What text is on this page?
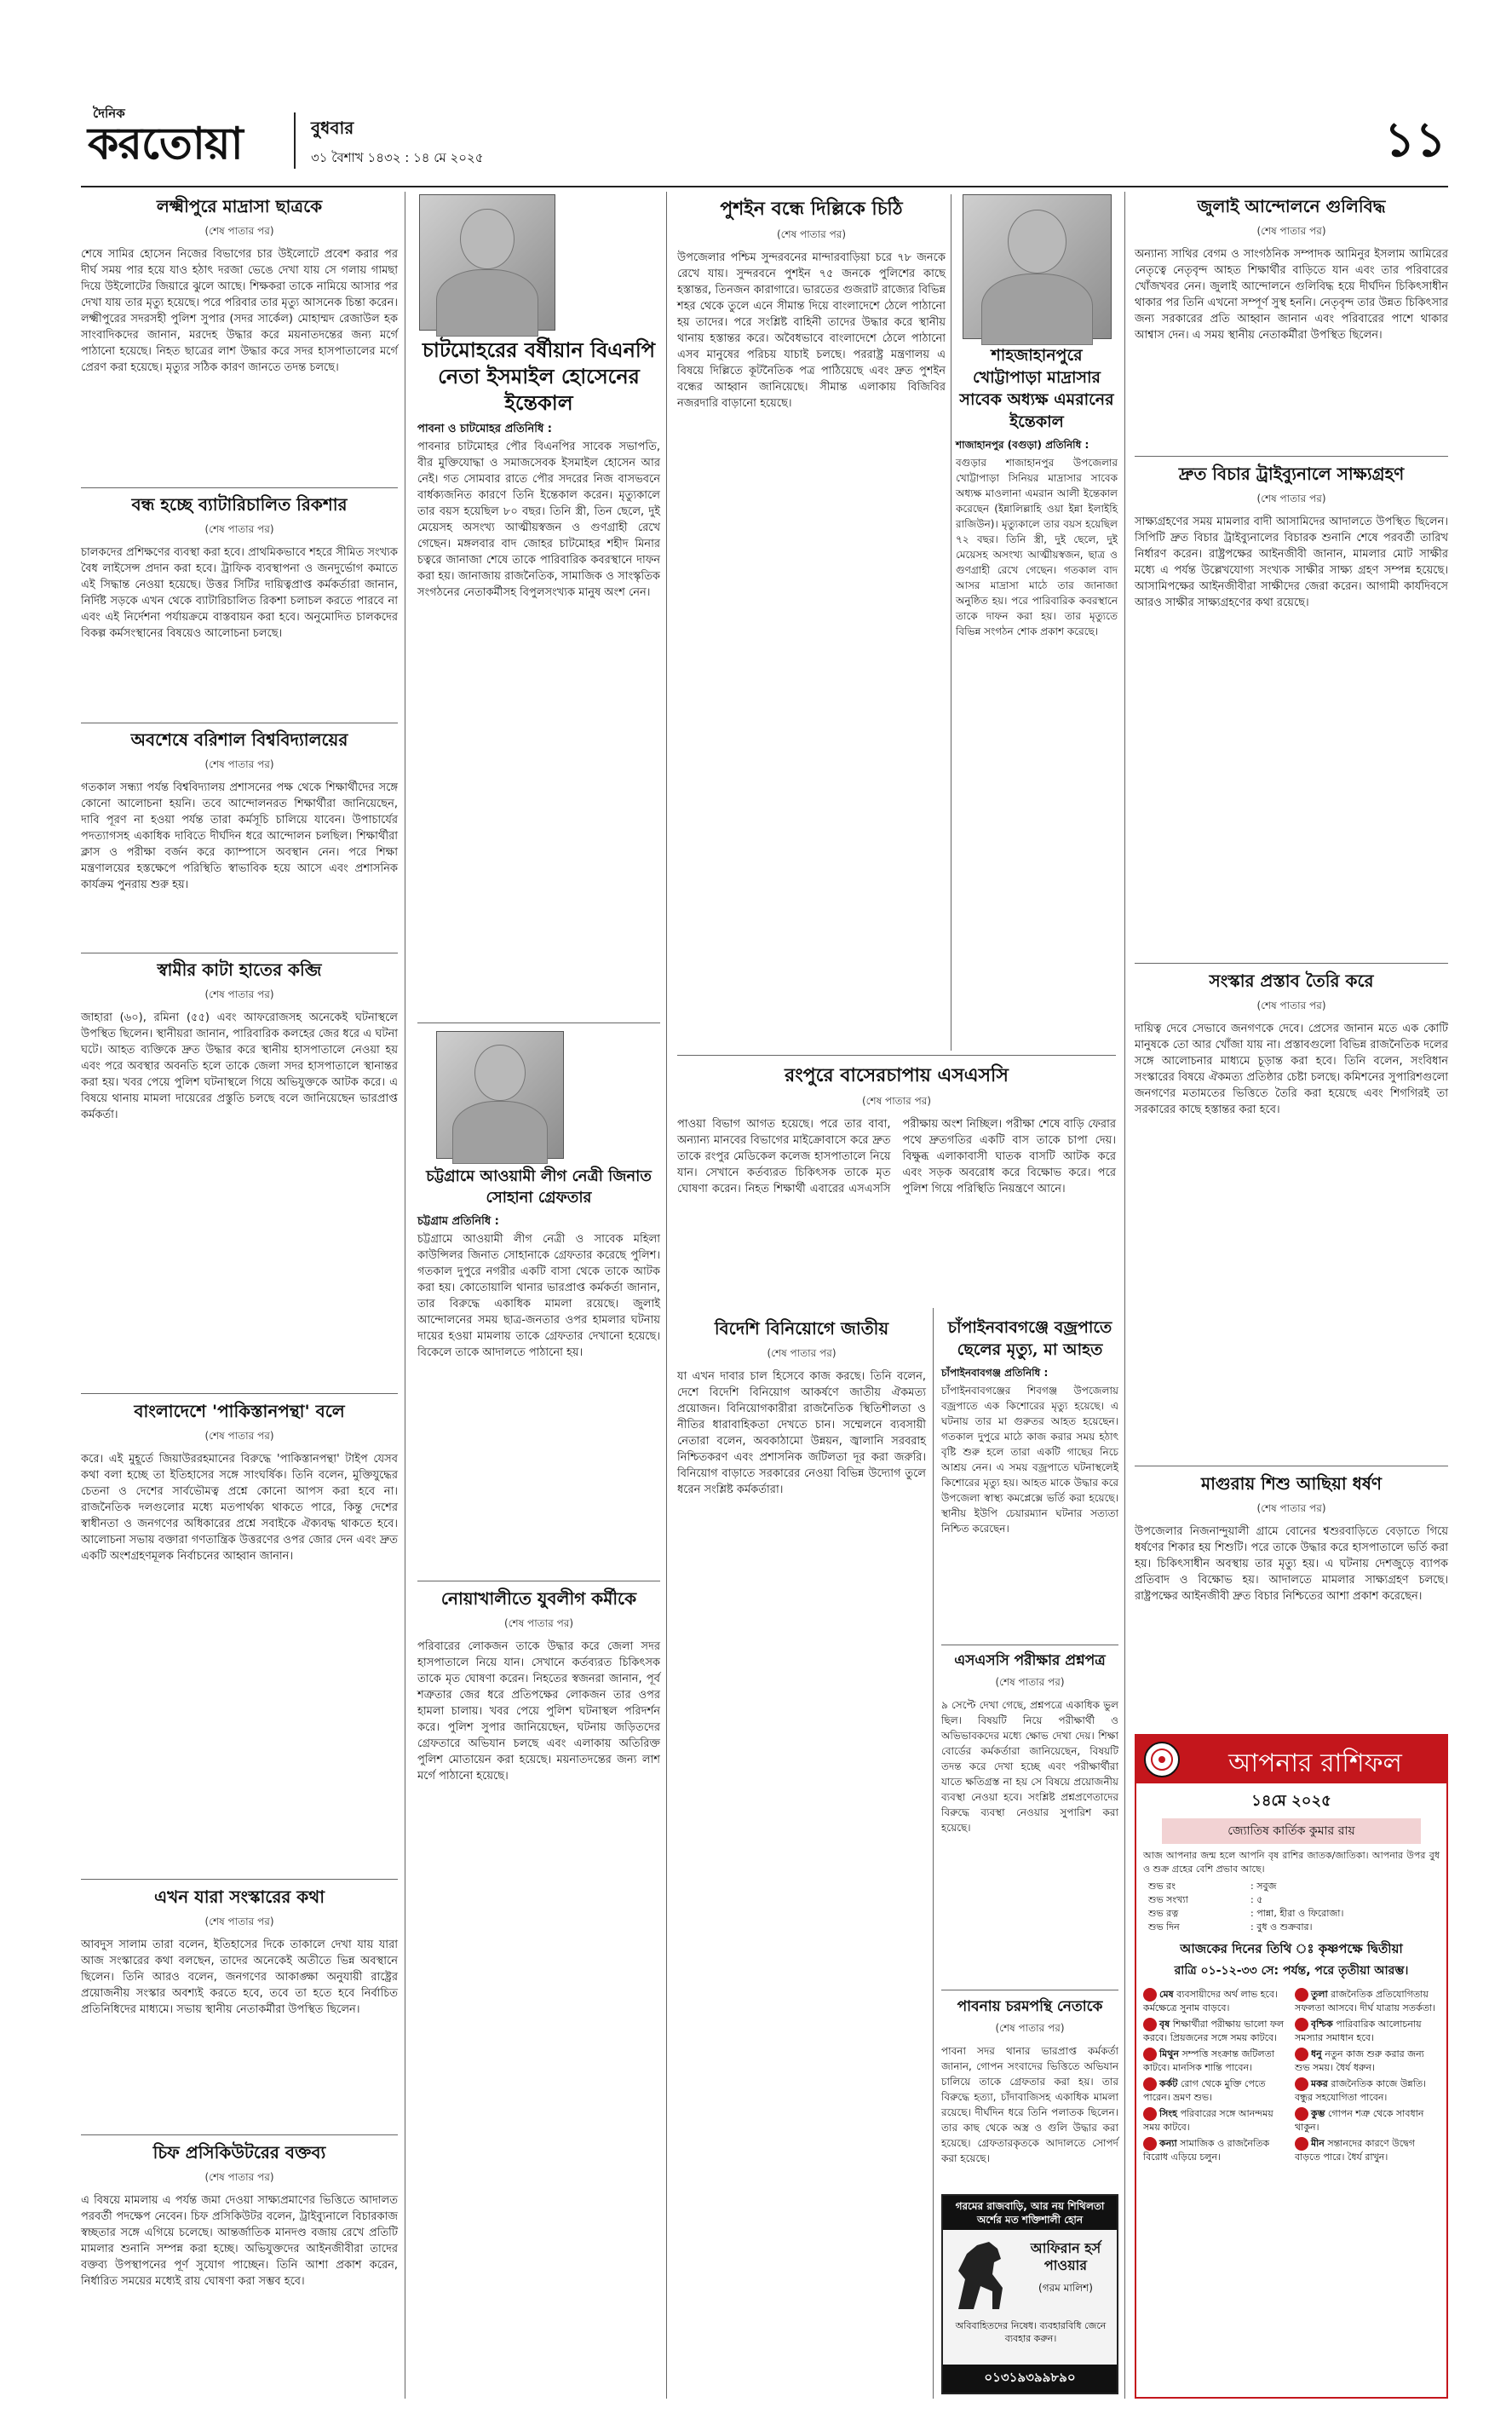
দৈনিক
করতোয়া	বুধবার
৩১ বৈশাখ ১৪৩২ : ১৪ মে ২০২৫	১১
লক্ষ্মীপুরে মাদ্রাসা ছাত্রকে
(শেষ পাতার পর)
শেষে সামির হোসেন নিজের বিভাগের চার উইলোটে প্রবেশ করার পর দীর্ঘ সময় পার হয়ে যাও হঠাৎ দরজা ভেঙে দেখা যায় সে গলায় গামছা দিয়ে উইলোটের জিয়ারে ঝুলে আছে। শিক্ষকরা তাকে নামিয়ে আসার পর দেখা যায় তার মৃত্যু হয়েছে। পরে পরিবার তার মৃত্যু আসনেক চিন্তা করেন। লক্ষ্মীপুরের সদরসহী পুলিশ সুপার (সদর সার্কেল) মোহাম্মদ রেজাউল হক সাংবাদিকদের জানান, মরদেহ উদ্ধার করে ময়নাতদন্তের জন্য মর্গে পাঠানো হয়েছে। নিহত ছাত্রের লাশ উদ্ধার করে সদর হাসপাতালের মর্গে প্রেরণ করা হয়েছে। মৃত্যুর সঠিক কারণ জানতে তদন্ত চলছে।
বন্ধ হচ্ছে ব্যাটারিচালিত রিকশার
(শেষ পাতার পর)
চালকদের প্রশিক্ষণের ব্যবস্থা করা হবে। প্রাথমিকভাবে শহরে সীমিত সংখ্যক বৈধ লাইসেন্স প্রদান করা হবে। ট্রাফিক ব্যবস্থাপনা ও জনদুর্ভোগ কমাতে এই সিদ্ধান্ত নেওয়া হয়েছে। উত্তর সিটির দায়িত্বপ্রাপ্ত কর্মকর্তারা জানান, নির্দিষ্ট সড়কে এখন থেকে ব্যাটারিচালিত রিকশা চলাচল করতে পারবে না এবং এই নির্দেশনা পর্যায়ক্রমে বাস্তবায়ন করা হবে। অনুমোদিত চালকদের বিকল্প কর্মসংস্থানের বিষয়েও আলোচনা চলছে।
অবশেষে বরিশাল বিশ্ববিদ্যালয়ের
(শেষ পাতার পর)
গতকাল সন্ধ্যা পর্যন্ত বিশ্ববিদ্যালয় প্রশাসনের পক্ষ থেকে শিক্ষার্থীদের সঙ্গে কোনো আলোচনা হয়নি। তবে আন্দোলনরত শিক্ষার্থীরা জানিয়েছেন, দাবি পূরণ না হওয়া পর্যন্ত তারা কর্মসূচি চালিয়ে যাবেন। উপাচার্যের পদত্যাগসহ একাধিক দাবিতে দীর্ঘদিন ধরে আন্দোলন চলছিল। শিক্ষার্থীরা ক্লাস ও পরীক্ষা বর্জন করে ক্যাম্পাসে অবস্থান নেন। পরে শিক্ষা মন্ত্রণালয়ের হস্তক্ষেপে পরিস্থিতি স্বাভাবিক হয়ে আসে এবং প্রশাসনিক কার্যক্রম পুনরায় শুরু হয়।
স্বামীর কাটা হাতের কব্জি
(শেষ পাতার পর)
জাহারা (৬০), রমিনা (৫৫) এবং আফরোজসহ অনেকেই ঘটনাস্থলে উপস্থিত ছিলেন। স্থানীয়রা জানান, পারিবারিক কলহের জের ধরে এ ঘটনা ঘটে। আহত ব্যক্তিকে দ্রুত উদ্ধার করে স্থানীয় হাসপাতালে নেওয়া হয় এবং পরে অবস্থার অবনতি হলে তাকে জেলা সদর হাসপাতালে স্থানান্তর করা হয়। খবর পেয়ে পুলিশ ঘটনাস্থলে গিয়ে অভিযুক্তকে আটক করে। এ বিষয়ে থানায় মামলা দায়েরের প্রস্তুতি চলছে বলে জানিয়েছেন ভারপ্রাপ্ত কর্মকর্তা।
বাংলাদেশে 'পাকিস্তানপন্থা' বলে
(শেষ পাতার পর)
করে। এই মুহূর্তে জিয়াউররহমানের বিরুদ্ধে 'পাকিস্তানপন্থা' টাইপ যেসব কথা বলা হচ্ছে তা ইতিহাসের সঙ্গে সাংঘর্ষিক। তিনি বলেন, মুক্তিযুদ্ধের চেতনা ও দেশের সার্বভৌমত্ব প্রশ্নে কোনো আপস করা হবে না। রাজনৈতিক দলগুলোর মধ্যে মতপার্থক্য থাকতে পারে, কিন্তু দেশের স্বাধীনতা ও জনগণের অধিকারের প্রশ্নে সবাইকে ঐক্যবদ্ধ থাকতে হবে। আলোচনা সভায় বক্তারা গণতান্ত্রিক উত্তরণের ওপর জোর দেন এবং দ্রুত একটি অংশগ্রহণমূলক নির্বাচনের আহ্বান জানান।
এখন যারা সংস্কারের কথা
(শেষ পাতার পর)
আবদুস সালাম তারা বলেন, ইতিহাসের দিকে তাকালে দেখা যায় যারা আজ সংস্কারের কথা বলছেন, তাদের অনেকেই অতীতে ভিন্ন অবস্থানে ছিলেন। তিনি আরও বলেন, জনগণের আকাঙ্ক্ষা অনুযায়ী রাষ্ট্রের প্রয়োজনীয় সংস্কার অবশ্যই করতে হবে, তবে তা হতে হবে নির্বাচিত প্রতিনিধিদের মাধ্যমে। সভায় স্থানীয় নেতাকর্মীরা উপস্থিত ছিলেন।
চিফ প্রসিকিউটরের বক্তব্য
(শেষ পাতার পর)
এ বিষয়ে মামলায় এ পর্যন্ত জমা দেওয়া সাক্ষ্যপ্রমাণের ভিত্তিতে আদালত পরবর্তী পদক্ষেপ নেবেন। চিফ প্রসিকিউটর বলেন, ট্রাইব্যুনালে বিচারকাজ স্বচ্ছতার সঙ্গে এগিয়ে চলেছে। আন্তর্জাতিক মানদণ্ড বজায় রেখে প্রতিটি মামলার শুনানি সম্পন্ন করা হচ্ছে। অভিযুক্তদের আইনজীবীরা তাদের বক্তব্য উপস্থাপনের পূর্ণ সুযোগ পাচ্ছেন। তিনি আশা প্রকাশ করেন, নির্ধারিত সময়ের মধ্যেই রায় ঘোষণা করা সম্ভব হবে।
চাটমোহরের বর্ষীয়ান বিএনপি নেতা ইসমাইল হোসেনের ইন্তেকাল
পাবনা ও চাটমোহর প্রতিনিধি :
পাবনার চাটমোহর পৌর বিএনপির সাবেক সভাপতি, বীর মুক্তিযোদ্ধা ও সমাজসেবক ইসমাইল হোসেন আর নেই। গত সোমবার রাতে পৌর সদরের নিজ বাসভবনে বার্ধক্যজনিত কারণে তিনি ইন্তেকাল করেন। মৃত্যুকালে তার বয়স হয়েছিল ৮০ বছর। তিনি স্ত্রী, তিন ছেলে, দুই মেয়েসহ অসংখ্য আত্মীয়স্বজন ও গুণগ্রাহী রেখে গেছেন। মঙ্গলবার বাদ জোহর চাটমোহর শহীদ মিনার চত্বরে জানাজা শেষে তাকে পারিবারিক কবরস্থানে দাফন করা হয়। জানাজায় রাজনৈতিক, সামাজিক ও সাংস্কৃতিক সংগঠনের নেতাকর্মীসহ বিপুলসংখ্যক মানুষ অংশ নেন।
চট্টগ্রামে আওয়ামী লীগ নেত্রী জিনাত সোহানা গ্রেফতার
চট্টগ্রাম প্রতিনিধি :
চট্টগ্রামে আওয়ামী লীগ নেত্রী ও সাবেক মহিলা কাউন্সিলর জিনাত সোহানাকে গ্রেফতার করেছে পুলিশ। গতকাল দুপুরে নগরীর একটি বাসা থেকে তাকে আটক করা হয়। কোতোয়ালি থানার ভারপ্রাপ্ত কর্মকর্তা জানান, তার বিরুদ্ধে একাধিক মামলা রয়েছে। জুলাই আন্দোলনের সময় ছাত্র-জনতার ওপর হামলার ঘটনায় দায়ের হওয়া মামলায় তাকে গ্রেফতার দেখানো হয়েছে। বিকেলে তাকে আদালতে পাঠানো হয়।
নোয়াখালীতে যুবলীগ কর্মীকে
(শেষ পাতার পর)
পরিবারের লোকজন তাকে উদ্ধার করে জেলা সদর হাসপাতালে নিয়ে যান। সেখানে কর্তব্যরত চিকিৎসক তাকে মৃত ঘোষণা করেন। নিহতের স্বজনরা জানান, পূর্ব শত্রুতার জের ধরে প্রতিপক্ষের লোকজন তার ওপর হামলা চালায়। খবর পেয়ে পুলিশ ঘটনাস্থল পরিদর্শন করে। পুলিশ সুপার জানিয়েছেন, ঘটনায় জড়িতদের গ্রেফতারে অভিযান চলছে এবং এলাকায় অতিরিক্ত পুলিশ মোতায়েন করা হয়েছে। ময়নাতদন্তের জন্য লাশ মর্গে পাঠানো হয়েছে।
পুশইন বন্ধে দিল্লিকে চিঠি
(শেষ পাতার পর)
উপজেলার পশ্চিম সুন্দরবনের মান্দারবাড়িয়া চরে ৭৮ জনকে রেখে যায়। সুন্দরবনে পুশইন ৭৫ জনকে পুলিশের কাছে হস্তান্তর, তিনজন কারাগারে। ভারতের গুজরাট রাজ্যের বিভিন্ন শহর থেকে তুলে এনে সীমান্ত দিয়ে বাংলাদেশে ঠেলে পাঠানো হয় তাদের। পরে সংশ্লিষ্ট বাহিনী তাদের উদ্ধার করে স্থানীয় থানায় হস্তান্তর করে। অবৈধভাবে বাংলাদেশে ঠেলে পাঠানো এসব মানুষের পরিচয় যাচাই চলছে। পররাষ্ট্র মন্ত্রণালয় এ বিষয়ে দিল্লিতে কূটনৈতিক পত্র পাঠিয়েছে এবং দ্রুত পুশইন বন্ধের আহ্বান জানিয়েছে। সীমান্ত এলাকায় বিজিবির নজরদারি বাড়ানো হয়েছে।
রংপুরে বাসেরচাপায় এসএসসি
(শেষ পাতার পর)
পাওয়া বিভাগ আগত হয়েছে। পরে তার বাবা, অন্যান্য মানবের বিভাগের মাইক্রোবাসে করে দ্রুত তাকে রংপুর মেডিকেল কলেজ হাসপাতালে নিয়ে যান। সেখানে কর্তব্যরত চিকিৎসক তাকে মৃত ঘোষণা করেন। নিহত শিক্ষার্থী এবারের এসএসসি পরীক্ষায় অংশ নিচ্ছিল। পরীক্ষা শেষে বাড়ি ফেরার পথে দ্রুতগতির একটি বাস তাকে চাপা দেয়। বিক্ষুব্ধ এলাকাবাসী ঘাতক বাসটি আটক করে এবং সড়ক অবরোধ করে বিক্ষোভ করে। পরে পুলিশ গিয়ে পরিস্থিতি নিয়ন্ত্রণে আনে।
শাহজাহানপুরে খোট্টাপাড়া মাদ্রাসার সাবেক অধ্যক্ষ এমরানের ইন্তেকাল
শাজাহানপুর (বগুড়া) প্রতিনিধি :
বগুড়ার শাজাহানপুর উপজেলার খোট্টাপাড়া সিনিয়র মাদ্রাসার সাবেক অধ্যক্ষ মাওলানা এমরান আলী ইন্তেকাল করেছেন (ইন্নালিল্লাহি ওয়া ইন্না ইলাইহি রাজিউন)। মৃত্যুকালে তার বয়স হয়েছিল ৭২ বছর। তিনি স্ত্রী, দুই ছেলে, দুই মেয়েসহ অসংখ্য আত্মীয়স্বজন, ছাত্র ও গুণগ্রাহী রেখে গেছেন। গতকাল বাদ আসর মাদ্রাসা মাঠে তার জানাজা অনুষ্ঠিত হয়। পরে পারিবারিক কবরস্থানে তাকে দাফন করা হয়। তার মৃত্যুতে বিভিন্ন সংগঠন শোক প্রকাশ করেছে।
বিদেশি বিনিয়োগে জাতীয়
(শেষ পাতার পর)
যা এখন দাবার চাল হিসেবে কাজ করছে। তিনি বলেন, দেশে বিদেশি বিনিয়োগ আকর্ষণে জাতীয় ঐকমত্য প্রয়োজন। বিনিয়োগকারীরা রাজনৈতিক স্থিতিশীলতা ও নীতির ধারাবাহিকতা দেখতে চান। সম্মেলনে ব্যবসায়ী নেতারা বলেন, অবকাঠামো উন্নয়ন, জ্বালানি সরবরাহ নিশ্চিতকরণ এবং প্রশাসনিক জটিলতা দূর করা জরুরি। বিনিয়োগ বাড়াতে সরকারের নেওয়া বিভিন্ন উদ্যোগ তুলে ধরেন সংশ্লিষ্ট কর্মকর্তারা।
চাঁপাইনবাবগঞ্জে বজ্রপাতে ছেলের মৃত্যু, মা আহত
চাঁপাইনবাবগঞ্জ প্রতিনিধি :
চাঁপাইনবাবগঞ্জের শিবগঞ্জ উপজেলায় বজ্রপাতে এক কিশোরের মৃত্যু হয়েছে। এ ঘটনায় তার মা গুরুতর আহত হয়েছেন। গতকাল দুপুরে মাঠে কাজ করার সময় হঠাৎ বৃষ্টি শুরু হলে তারা একটি গাছের নিচে আশ্রয় নেন। এ সময় বজ্রপাতে ঘটনাস্থলেই কিশোরের মৃত্যু হয়। আহত মাকে উদ্ধার করে উপজেলা স্বাস্থ্য কমপ্লেক্সে ভর্তি করা হয়েছে। স্থানীয় ইউপি চেয়ারম্যান ঘটনার সত্যতা নিশ্চিত করেছেন।
এসএসসি পরীক্ষার প্রশ্নপত্র
(শেষ পাতার পর)
৯ সেপ্টে দেখা গেছে, প্রশ্নপত্রে একাধিক ভুল ছিল। বিষয়টি নিয়ে পরীক্ষার্থী ও অভিভাবকদের মধ্যে ক্ষোভ দেখা দেয়। শিক্ষা বোর্ডের কর্মকর্তারা জানিয়েছেন, বিষয়টি তদন্ত করে দেখা হচ্ছে এবং পরীক্ষার্থীরা যাতে ক্ষতিগ্রস্ত না হয় সে বিষয়ে প্রয়োজনীয় ব্যবস্থা নেওয়া হবে। সংশ্লিষ্ট প্রশ্নপ্রণেতাদের বিরুদ্ধে ব্যবস্থা নেওয়ার সুপারিশ করা হয়েছে।
পাবনায় চরমপন্থি নেতাকে
(শেষ পাতার পর)
পাবনা সদর থানার ভারপ্রাপ্ত কর্মকর্তা জানান, গোপন সংবাদের ভিত্তিতে অভিযান চালিয়ে তাকে গ্রেফতার করা হয়। তার বিরুদ্ধে হত্যা, চাঁদাবাজিসহ একাধিক মামলা রয়েছে। দীর্ঘদিন ধরে তিনি পলাতক ছিলেন। তার কাছ থেকে অস্ত্র ও গুলি উদ্ধার করা হয়েছে। গ্রেফতারকৃতকে আদালতে সোপর্দ করা হয়েছে।
গরমের রাজবাড়ি, আর নয় শিথিলতা
অর্শের মত শক্তিশালী হোন
আফিরান হর্স পাওয়ার
(গরম মালিশ)
অবিবাহিতদের নিষেধ। ব্যবহারবিধি জেনে ব্যবহার করুন।
০১৩১৯৩৯৯৮৯০
জুলাই আন্দোলনে গুলিবিদ্ধ
(শেষ পাতার পর)
অন্যান্য সাথির বেগম ও সাংগঠনিক সম্পাদক আমিনুর ইসলাম আমিরের নেতৃত্বে নেতৃবৃন্দ আহত শিক্ষার্থীর বাড়িতে যান এবং তার পরিবারের খোঁজখবর নেন। জুলাই আন্দোলনে গুলিবিদ্ধ হয়ে দীর্ঘদিন চিকিৎসাধীন থাকার পর তিনি এখনো সম্পূর্ণ সুস্থ হননি। নেতৃবৃন্দ তার উন্নত চিকিৎসার জন্য সরকারের প্রতি আহ্বান জানান এবং পরিবারের পাশে থাকার আশ্বাস দেন। এ সময় স্থানীয় নেতাকর্মীরা উপস্থিত ছিলেন।
দ্রুত বিচার ট্রাইব্যুনালে সাক্ষ্যগ্রহণ
(শেষ পাতার পর)
সাক্ষ্যগ্রহণের সময় মামলার বাদী আসামিদের আদালতে উপস্থিত ছিলেন। সিপিটি দ্রুত বিচার ট্রাইব্যুনালের বিচারক শুনানি শেষে পরবর্তী তারিখ নির্ধারণ করেন। রাষ্ট্রপক্ষের আইনজীবী জানান, মামলার মোট সাক্ষীর মধ্যে এ পর্যন্ত উল্লেখযোগ্য সংখ্যক সাক্ষীর সাক্ষ্য গ্রহণ সম্পন্ন হয়েছে। আসামিপক্ষের আইনজীবীরা সাক্ষীদের জেরা করেন। আগামী কার্যদিবসে আরও সাক্ষীর সাক্ষ্যগ্রহণের কথা রয়েছে।
সংস্কার প্রস্তাব তৈরি করে
(শেষ পাতার পর)
দায়িত্ব দেবে সেভাবে জনগণকে দেবে। প্রেসের জানান মতে এক কোটি মানুষকে তো আর খোঁজা যায় না। প্রস্তাবগুলো বিভিন্ন রাজনৈতিক দলের সঙ্গে আলোচনার মাধ্যমে চূড়ান্ত করা হবে। তিনি বলেন, সংবিধান সংস্কারের বিষয়ে ঐকমত্য প্রতিষ্ঠার চেষ্টা চলছে। কমিশনের সুপারিশগুলো জনগণের মতামতের ভিত্তিতে তৈরি করা হয়েছে এবং শিগগিরই তা সরকারের কাছে হস্তান্তর করা হবে।
মাগুরায় শিশু আছিয়া ধর্ষণ
(শেষ পাতার পর)
উপজেলার নিজনান্দুয়ালী গ্রামে বোনের শ্বশুরবাড়িতে বেড়াতে গিয়ে ধর্ষণের শিকার হয় শিশুটি। পরে তাকে উদ্ধার করে হাসপাতালে ভর্তি করা হয়। চিকিৎসাধীন অবস্থায় তার মৃত্যু হয়। এ ঘটনায় দেশজুড়ে ব্যাপক প্রতিবাদ ও বিক্ষোভ হয়। আদালতে মামলার সাক্ষ্যগ্রহণ চলছে। রাষ্ট্রপক্ষের আইনজীবী দ্রুত বিচার নিশ্চিতের আশা প্রকাশ করেছেন।
আপনার রাশিফল
১৪মে ২০২৫
জ্যোতিষ কার্তিক কুমার রায়
আজ আপনার জন্ম হলে আপনি বৃষ রাশির জাতক/জাতিকা। আপনার উপর বুধ ও শুক্র গ্রহের বেশি প্রভাব আছে।
শুভ রং	: সবুজ
শুভ সংখ্যা	: ৫
শুভ রত্ন	: পান্না, হীরা ও ফিরোজা।
শুভ দিন	: বুধ ও শুক্রবার।
আজকের দিনের তিথি ঃ কৃষ্ণপক্ষে দ্বিতীয়া
রাত্রি ০১-১২-৩৩ সে: পর্যন্ত, পরে তৃতীয়া আরম্ভ।
মেষ ব্যবসায়ীদের অর্থ লাভ হবে। কর্মক্ষেত্রে সুনাম বাড়বে।
তুলা রাজনৈতিক প্রতিযোগিতায় সফলতা আসবে। দীর্ঘ যাত্রায় সতর্কতা।
বৃষ শিক্ষার্থীরা পরীক্ষায় ভালো ফল করবে। প্রিয়জনের সঙ্গে সময় কাটবে।
বৃশ্চিক পারিবারিক আলোচনায় সমস্যার সমাধান হবে।
মিথুন সম্পত্তি সংক্রান্ত জটিলতা কাটবে। মানসিক শান্তি পাবেন।
ধনু নতুন কাজ শুরু করার জন্য শুভ সময়। ধৈর্য ধরুন।
কর্কট রোগ থেকে মুক্তি পেতে পারেন। ভ্রমণ শুভ।
মকর রাজনৈতিক কাজে উন্নতি। বন্ধুর সহযোগিতা পাবেন।
সিংহ পরিবারের সঙ্গে আনন্দময় সময় কাটবে।
কুম্ভ গোপন শত্রু থেকে সাবধান থাকুন।
কন্যা সামাজিক ও রাজনৈতিক বিরোধ এড়িয়ে চলুন।
মীন সন্তানদের কারণে উদ্বেগ বাড়তে পারে। ধৈর্য রাখুন।
